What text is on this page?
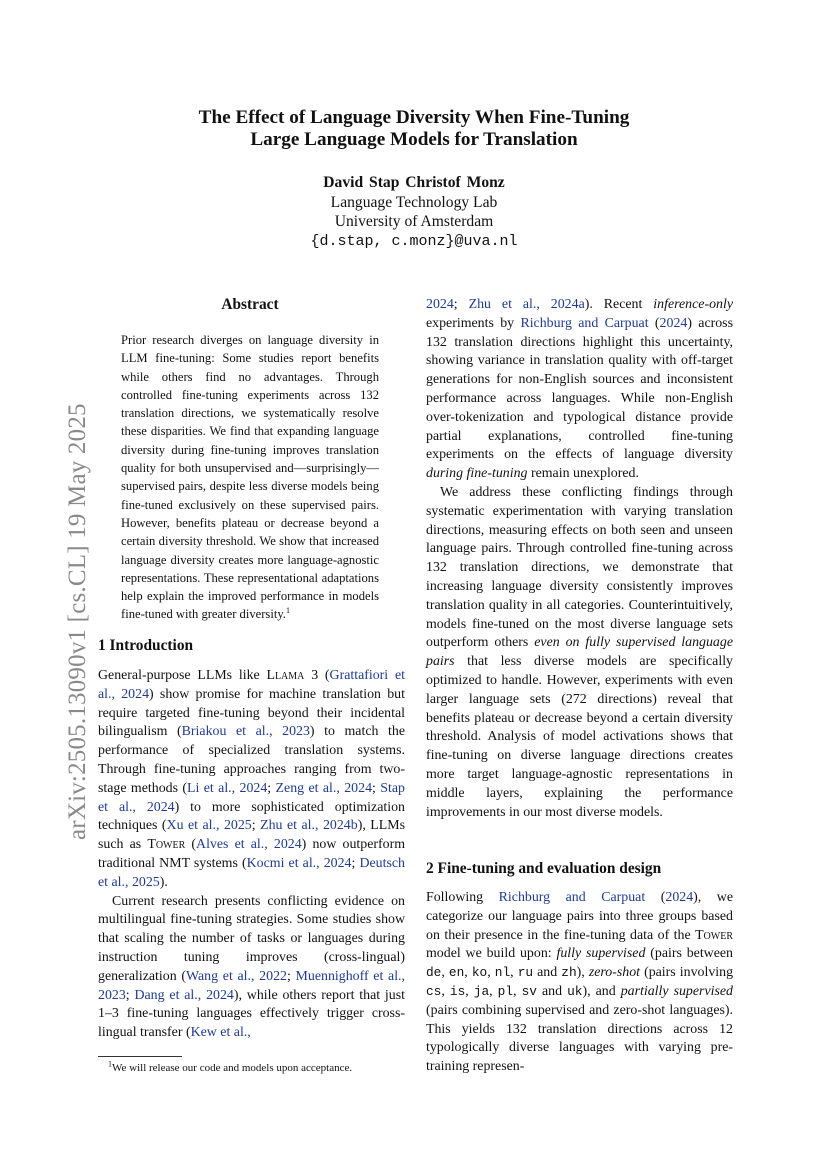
arXiv:2505.13090v1 [cs.CL] 19 May 2025
The Effect of Language Diversity When Fine-Tuning
Large Language Models for Translation
David Stap Christof Monz
Language Technology Lab
University of Amsterdam
{d.stap, c.monz}@uva.nl
Abstract

Prior research diverges on language diversity in LLM fine-tuning: Some studies report benefits while others find no advantages. Through controlled fine-tuning experiments across 132 translation directions, we systematically resolve these disparities. We find that expanding language diversity during fine-tuning improves translation quality for both unsupervised and—surprisingly—supervised pairs, despite less diverse models being fine-tuned exclusively on these supervised pairs. However, benefits plateau or decrease beyond a certain diversity threshold. We show that increased language diversity creates more language-agnostic representations. These representational adaptations help explain the improved performance in models fine-tuned with greater diversity.$^1$

1 Introduction

General-purpose LLMs like Llama 3 (Grattafiori et al., 2024) show promise for machine translation but require targeted fine-tuning beyond their incidental bilingualism (Briakou et al., 2023) to match the performance of specialized translation systems. Through fine-tuning approaches ranging from two-stage methods (Li et al., 2024; Zeng et al., 2024; Stap et al., 2024) to more sophisticated optimization techniques (Xu et al., 2025; Zhu et al., 2024b), LLMs such as Tower (Alves et al., 2024) now outperform traditional NMT systems (Kocmi et al., 2024; Deutsch et al., 2025).

Current research presents conflicting evidence on multilingual fine-tuning strategies. Some studies show that scaling the number of tasks or languages during instruction tuning improves (cross-lingual) generalization (Wang et al., 2022; Muennighoff et al., 2023; Dang et al., 2024), while others report that just 1–3 fine-tuning languages effectively trigger cross-lingual transfer (Kew et al.,

$^1$We will release our code and models upon acceptance.

2024; Zhu et al., 2024a). Recent inference-only experiments by Richburg and Carpuat (2024) across 132 translation directions highlight this uncertainty, showing variance in translation quality with off-target generations for non-English sources and inconsistent performance across languages. While non-English over-tokenization and typological distance provide partial explanations, controlled fine-tuning experiments on the effects of language diversity during fine-tuning remain unexplored.

We address these conflicting findings through systematic experimentation with varying translation directions, measuring effects on both seen and unseen language pairs. Through controlled fine-tuning across 132 translation directions, we demonstrate that increasing language diversity consistently improves translation quality in all categories. Counterintuitively, models fine-tuned on the most diverse language sets outperform others even on fully supervised language pairs that less diverse models are specifically optimized to handle. However, experiments with even larger language sets (272 directions) reveal that benefits plateau or decrease beyond a certain diversity threshold. Analysis of model activations shows that fine-tuning on diverse language directions creates more target language-agnostic representations in middle layers, explaining the performance improvements in our most diverse models.

2 Fine-tuning and evaluation design

Following Richburg and Carpuat (2024), we categorize our language pairs into three groups based on their presence in the fine-tuning data of the Tower model we build upon: fully supervised (pairs between de, en, ko, nl, ru and zh), zero-shot (pairs involving cs, is, ja, pl, sv and uk), and partially supervised (pairs combining supervised and zero-shot languages). This yields 132 translation directions across 12 typologically diverse languages with varying pre-training represen-
